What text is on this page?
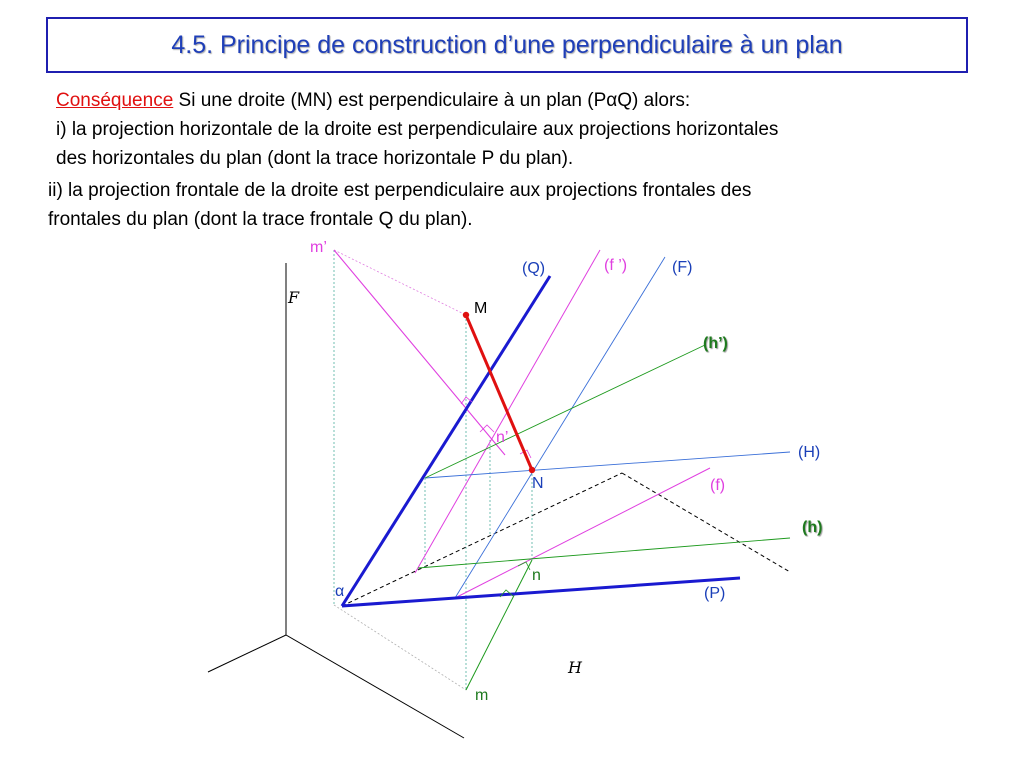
4.5. Principe de construction d’une perpendiculaire à un plan
Conséquence Si une droite (MN) est perpendiculaire à un plan (PαQ) alors:
i) la projection horizontale de la droite est perpendiculaire aux projections horizontales
des horizontales du plan (dont la trace horizontale P du plan).
ii) la projection frontale de la droite est perpendiculaire aux projections frontales des
frontales du plan (dont la trace frontale Q du plan).
m’
(Q)	(f ’)	(F)
F
M
(h’)
n’
(H)
N	(f)
(h)
n
α	(P)
H
m
